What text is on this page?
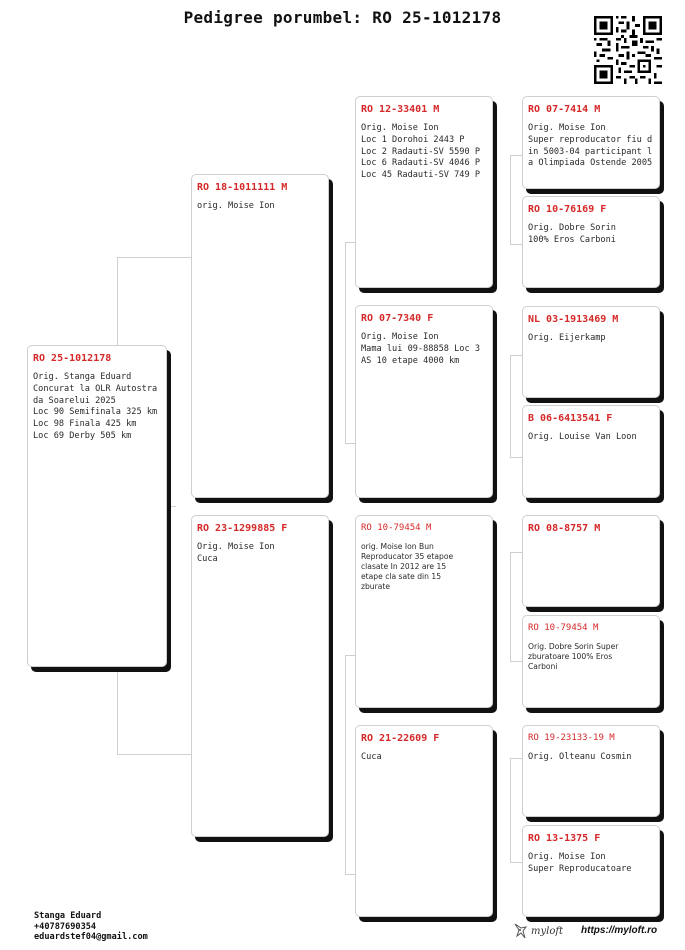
Pedigree porumbel: RO 25-1012178
RO 25-1012178
Orig. Stanga Eduard
Concurat la OLR Autostra
da Soarelui 2025
Loc 90 Semifinala 325 km
Loc 98 Finala 425 km
Loc 69 Derby 505 km
RO 18-1011111 M
orig. Moise Ion
RO 23-1299885 F
Orig. Moise Ion
Cuca
RO 12-33401 M
Orig. Moise Ion
Loc 1 Dorohoi 2443 P
Loc 2 Radauti-SV 5590 P
Loc 6 Radauti-SV 4046 P
Loc 45 Radauti-SV 749 P
RO 07-7340 F
Orig. Moise Ion
Mama lui 09-88858 Loc 3
AS 10 etape 4000 km
RO 10-79454 M
orig. Moise Ion Bun
Reproducator 35 etapoe
clasate In 2012 are 15
etape cla sate din 15
zburate
RO 21-22609 F
Cuca
RO 07-7414 M
Orig. Moise Ion
Super reproducator fiu d
in 5003-04 participant l
a Olimpiada Ostende 2005
RO 10-76169 F
Orig. Dobre Sorin
100% Eros Carboni
NL 03-1913469 M
Orig. Eijerkamp
B 06-6413541 F
Orig. Louise Van Loon
RO 08-8757 M
RO 10-79454 M
Orig. Dobre Sorin Super
zburatoare 100% Eros
Carboni
RO 19-23133-19 M
Orig. Olteanu Cosmin
RO 13-1375 F
Orig. Moise Ion
Super Reproducatoare
Stanga Eduard
+40787690354
eduardstef04@gmail.com
myloft https://myloft.ro
